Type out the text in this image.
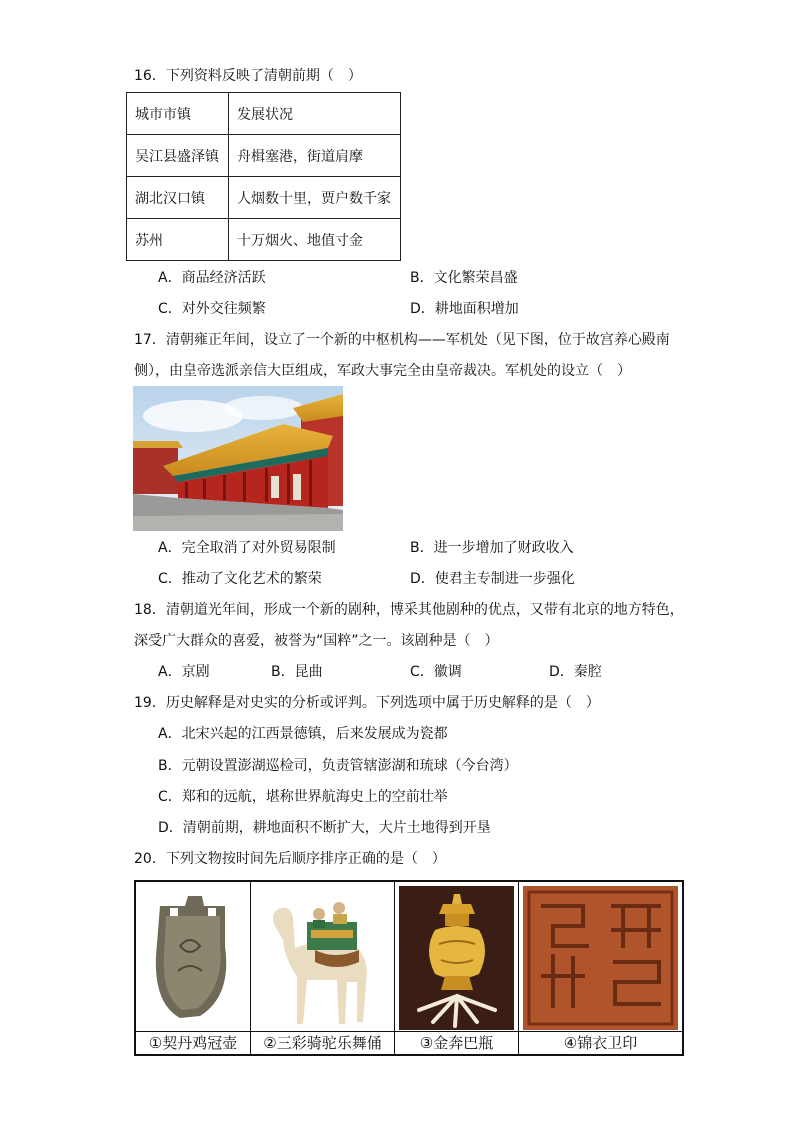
16．下列资料反映了清朝前期（　）
城市市镇	发展状况
吴江县盛泽镇	舟楫塞港，街道肩摩
湖北汉口镇	人烟数十里，贾户数千家
苏州	十万烟火、地值寸金
A．商品经济活跃	B．文化繁荣昌盛
C．对外交往频繁	D．耕地面积增加
17．清朝雍正年间，设立了一个新的中枢机构——军机处（见下图，位于故宫养心殿南
侧），由皇帝选派亲信大臣组成，军政大事完全由皇帝裁决。军机处的设立（　）
A．完全取消了对外贸易限制	B．进一步增加了财政收入
C．推动了文化艺术的繁荣	D．使君主专制进一步强化
18．清朝道光年间，形成一个新的剧种，博采其他剧种的优点，又带有北京的地方特色，
深受广大群众的喜爱，被誉为“国粹”之一。该剧种是（　）
A．京剧	B．昆曲	C．徽调	D．秦腔
19．历史解释是对史实的分析或评判。下列选项中属于历史解释的是（　）
A．北宋兴起的江西景德镇，后来发展成为瓷都
B．元朝设置澎湖巡检司，负责管辖澎湖和琉球（今台湾）
C．郑和的远航，堪称世界航海史上的空前壮举
D．清朝前期，耕地面积不断扩大，大片土地得到开垦
20．下列文物按时间先后顺序排序正确的是（　）
①契丹鸡冠壶	②三彩骑驼乐舞俑	③金奔巴瓶	④锦衣卫印
